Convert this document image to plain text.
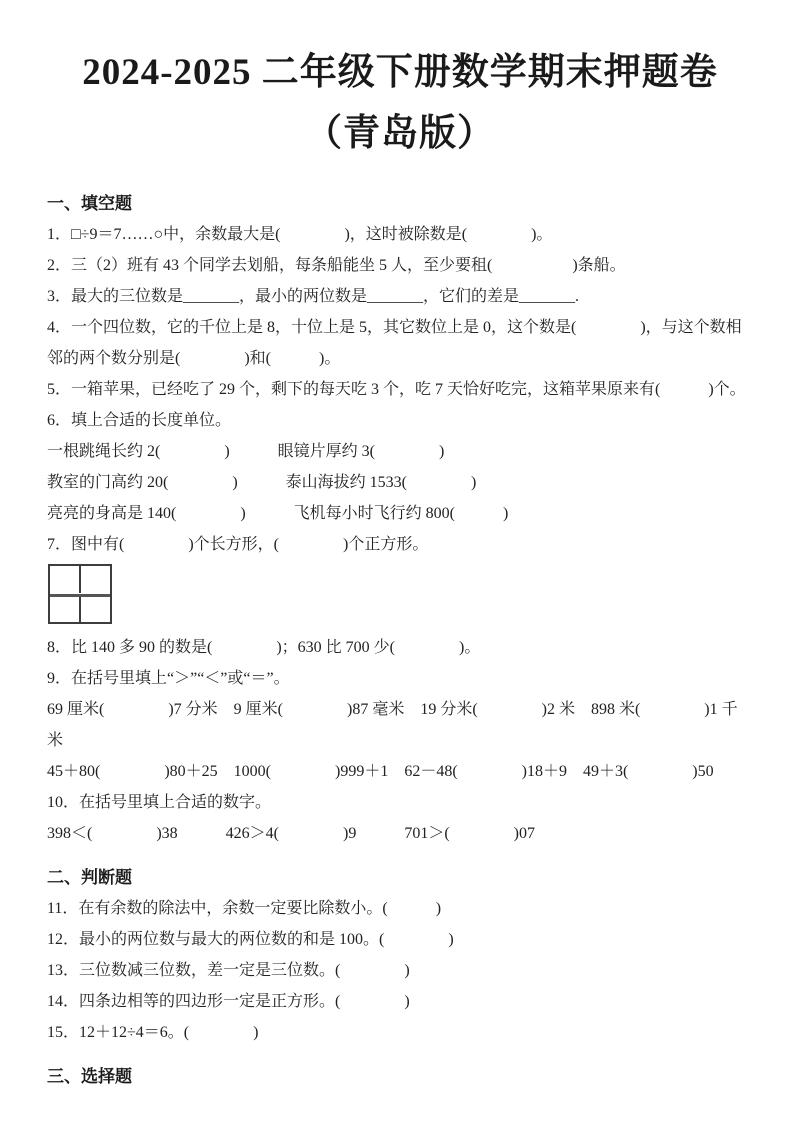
2024-2025 二年级下册数学期末押题卷
（青岛版）
一、填空题
1．□÷9＝7……○中，余数最大是(　　　　)，这时被除数是(　　　　)。
2．三（2）班有 43 个同学去划船，每条船能坐 5 人，至少要租(　　　　　)条船。
3．最大的三位数是_______，最小的两位数是_______，它们的差是_______.
4．一个四位数，它的千位上是 8，十位上是 5，其它数位上是 0，这个数是(　　　　)，与这个数相
邻的两个数分别是(　　　　)和(　　　)。
5．一箱苹果，已经吃了 29 个，剩下的每天吃 3 个，吃 7 天恰好吃完，这箱苹果原来有(　　　)个。
6．填上合适的长度单位。
一根跳绳长约 2(　　　　)　　　眼镜片厚约 3(　　　　)
教室的门高约 20(　　　　)　　　泰山海拔约 1533(　　　　)
亮亮的身高是 140(　　　　)　　　飞机每小时飞行约 800(　　　)
7．图中有(　　　　)个长方形，(　　　　)个正方形。
8．比 140 多 90 的数是(　　　　)；630 比 700 少(　　　　)。
9．在括号里填上“＞”“＜”或“＝”。
69 厘米(　　　　)7 分米　9 厘米(　　　　)87 毫米　19 分米(　　　　)2 米　898 米(　　　　)1 千
米
45＋80(　　　　)80＋25　1000(　　　　)999＋1　62－48(　　　　)18＋9　49＋3(　　　　)50
10．在括号里填上合适的数字。
398＜(　　　　)38　　　426＞4(　　　　)9　　　701＞(　　　　)07
二、判断题
11．在有余数的除法中，余数一定要比除数小。(　　　)
12．最小的两位数与最大的两位数的和是 100。(　　　　)
13．三位数减三位数，差一定是三位数。(　　　　)
14．四条边相等的四边形一定是正方形。(　　　　)
15．12＋12÷4＝6。(　　　　)
三、选择题
